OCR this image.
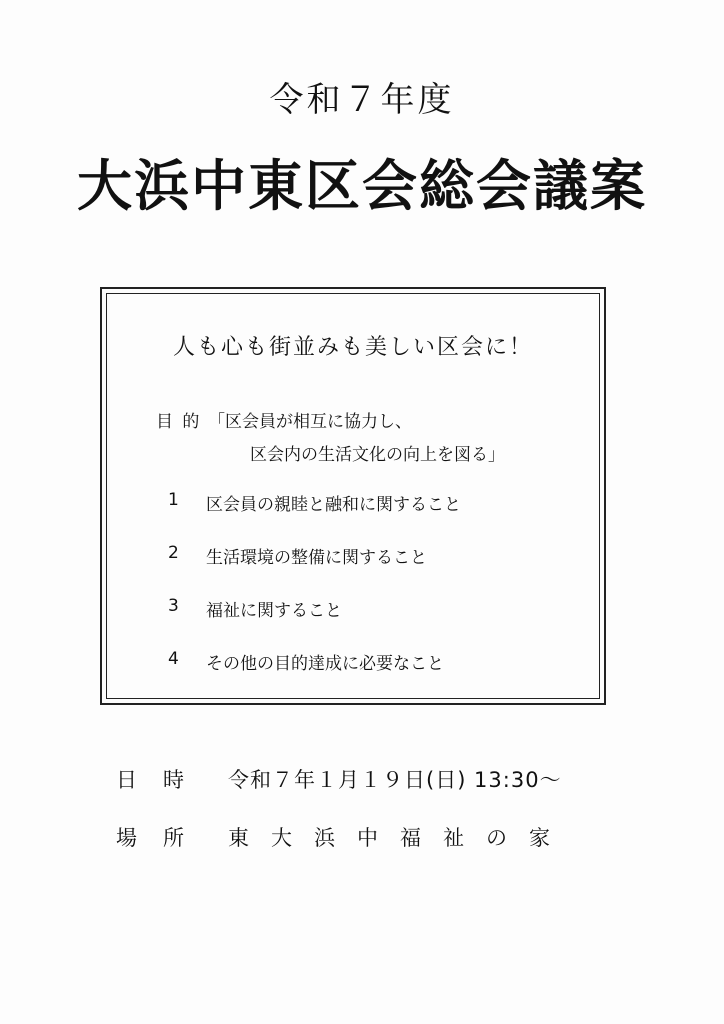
令和７年度
大浜中東区会総会議案
人も心も街並みも美しい区会に！
目 的 「区会員が相互に協力し、
区会内の生活文化の向上を図る」
1	区会員の親睦と融和に関すること
2	生活環境の整備に関すること
3	福祉に関すること
4	その他の目的達成に必要なこと
日時 令和７年１月１９日(日) 13:30～
場所 東大浜中福祉の家
